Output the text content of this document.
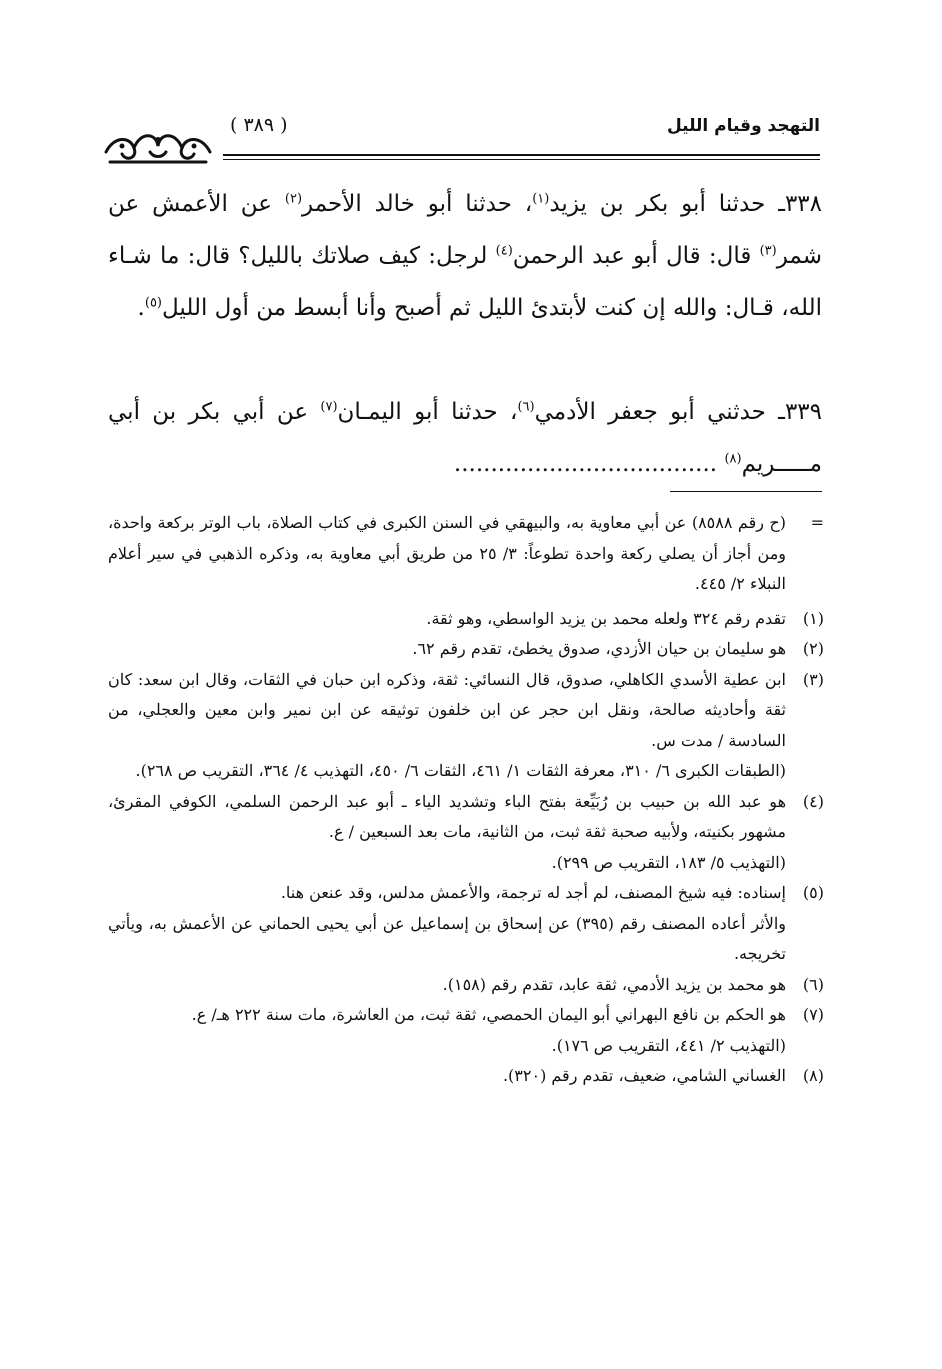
التهجد وقيام الليل
( ٣٨٩ )
٣٣٨ـ حدثنا أبو بكر بن يزيد$^{(١)}$، حدثنا أبو خالد الأحمر$^{(٢)}$ عن الأعمش عن شمر$^{(٣)}$ قال: قال أبو عبد الرحمن$^{(٤)}$ لرجل: كيف صلاتك بالليل؟ قال: ما شـاء الله، قـال: والله إن كنت لأبتدئ الليل ثم أصبح وأنا أبسط من أول الليل$^{(٥)}$.
٣٣٩ـ حدثني أبو جعفر الأدمي$^{(٦)}$، حدثنا أبو اليمـان$^{(٧)}$ عن أبي بكر بن أبي مـــــريم$^{(٨)}$ ....................................
=

(ح رقم ٨٥٨٨) عن أبي معاوية به، والبيهقي في السنن الكبرى في كتاب الصلاة، باب الوتر بركعة واحدة، ومن أجاز أن يصلي ركعة واحدة تطوعاً: ٣/ ٢٥ من طريق أبي معاوية به، وذكره الذهبي في سير أعلام النبلاء ٢/ ٤٤٥.

(١)

تقدم رقم ٣٢٤ ولعله محمد بن يزيد الواسطي، وهو ثقة.

(٢)

هو سليمان بن حيان الأزدي، صدوق يخطئ، تقدم رقم ٦٢.

(٣)

ابن عطية الأسدي الكاهلي، صدوق، قال النسائي: ثقة، وذكره ابن حبان في الثقات، وقال ابن سعد: كان ثقة وأحاديثه صالحة، ونقل ابن حجر عن ابن خلفون توثيقه عن ابن نمير وابن معين والعجلي، من السادسة / مدت س.

(الطبقات الكبرى ٦/ ٣١٠، معرفة الثقات ١/ ٤٦١، الثقات ٦/ ٤٥٠، التهذيب ٤/ ٣٦٤، التقريب ص ٢٦٨).

(٤)

هو عبد الله بن حبيب بن رُبَيِّعة بفتح الباء وتشديد الياء ـ أبو عبد الرحمن السلمي، الكوفي المقرئ، مشهور بكنيته، ولأبيه صحبة ثقة ثبت، من الثانية، مات بعد السبعين / ع.

(التهذيب ٥/ ١٨٣، التقريب ص ٢٩٩).

(٥)

إسناده: فيه شيخ المصنف، لم أجد له ترجمة، والأعمش مدلس، وقد عنعن هنا.

والأثر أعاده المصنف رقم (٣٩٥) عن إسحاق بن إسماعيل عن أبي يحيى الحماني عن الأعمش به، ويأتي تخريجه.

(٦)

هو محمد بن يزيد الأدمي، ثقة عابد، تقدم رقم (١٥٨).

(٧)

هو الحكم بن نافع البهراني أبو اليمان الحمصي، ثقة ثبت، من العاشرة، مات سنة ٢٢٢ هـ/ ع.

(التهذيب ٢/ ٤٤١، التقريب ص ١٧٦).

(٨)

الغساني الشامي، ضعيف، تقدم رقم (٣٢٠).
